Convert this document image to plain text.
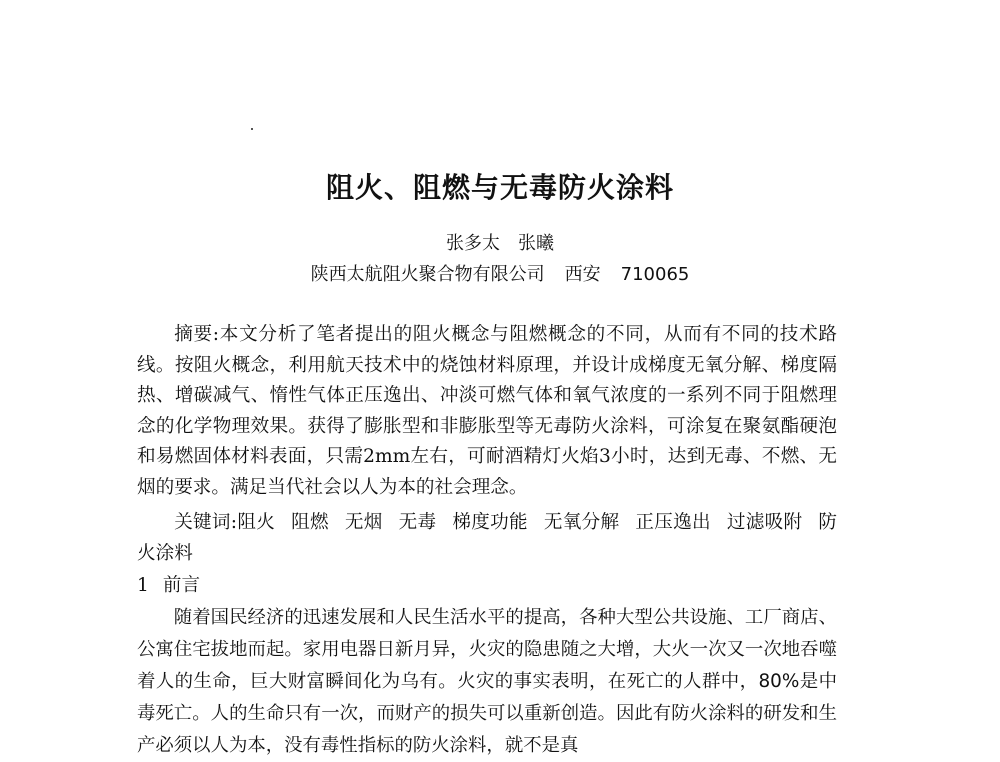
阻火、阻燃与无毒防火涂料
张多太 张曦
陕西太航阻火聚合物有限公司 西安 710065
摘要:本文分析了笔者提出的阻火概念与阻燃概念的不同，从而有不同的技术路线。按阻火概念，利用航天技术中的烧蚀材料原理，并设计成梯度无氧分解、梯度隔热、增碳减气、惰性气体正压逸出、冲淡可燃气体和氧气浓度的一系列不同于阻燃理念的化学物理效果。获得了膨胀型和非膨胀型等无毒防火涂料，可涂复在聚氨酯硬泡和易燃固体材料表面，只需2mm左右，可耐酒精灯火焰3小时，达到无毒、不燃、无烟的要求。满足当代社会以人为本的社会理念。
关键词:阻火 阻燃 无烟 无毒 梯度功能 无氧分解 正压逸出 过滤吸附 防火涂料
1 前言
随着国民经济的迅速发展和人民生活水平的提高，各种大型公共设施、工厂商店、公寓住宅拔地而起。家用电器日新月异，火灾的隐患随之大增，大火一次又一次地吞噬着人的生命，巨大财富瞬间化为乌有。火灾的事实表明，在死亡的人群中，80%是中毒死亡。人的生命只有一次，而财产的损失可以重新创造。因此有防火涂料的研发和生产必须以人为本，没有毒性指标的防火涂料，就不是真
